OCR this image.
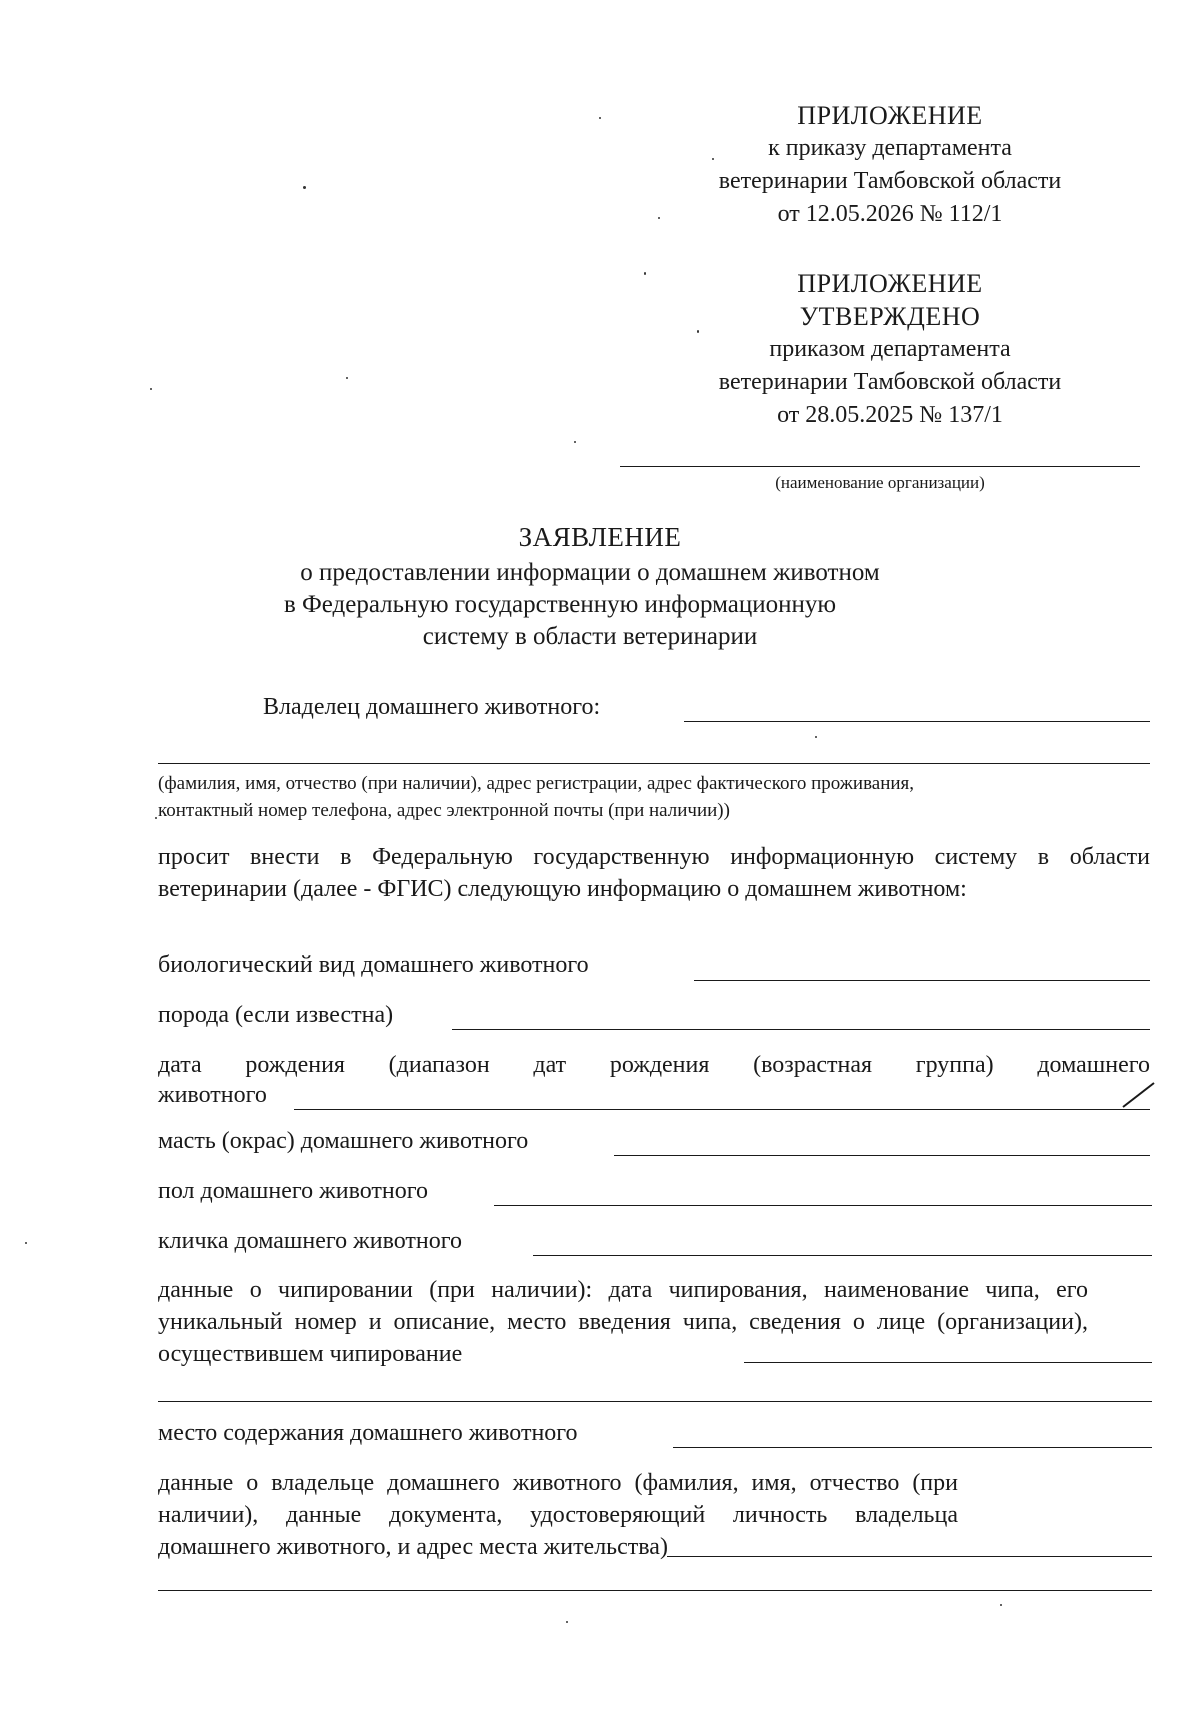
ПРИЛОЖЕНИЕ
к приказу департамента
ветеринарии Тамбовской области
от 12.05.2026 № 112/1
ПРИЛОЖЕНИЕ
УТВЕРЖДЕНО
приказом департамента
ветеринарии Тамбовской области
от 28.05.2025 № 137/1
(наименование организации)
ЗАЯВЛЕНИЕ
о предоставлении информации о домашнем животном
в Федеральную государственную информационную
систему в области ветеринарии
Владелец домашнего животного:
(фамилия, имя, отчество (при наличии), адрес регистрации, адрес фактического проживания,
контактный номер телефона, адрес электронной почты (при наличии))
просит внести в Федеральную государственную информационную систему в области ветеринарии (далее - ФГИС) следующую информацию о домашнем животном:
биологический вид домашнего животного
порода (если известна)
дата рождения (диапазон дат рождения (возрастная группа) домашнего
животного
масть (окрас) домашнего животного
пол домашнего животного
кличка домашнего животного
данные о чипировании (при наличии): дата чипирования, наименование чипа, его уникальный номер и описание, место введения чипа, сведения о лице (организации), осуществившем чипирование
место содержания домашнего животного
данные о владельце домашнего животного (фамилия, имя, отчество (при наличии), данные документа, удостоверяющий личность владельца домашнего животного, и адрес места жительства)
